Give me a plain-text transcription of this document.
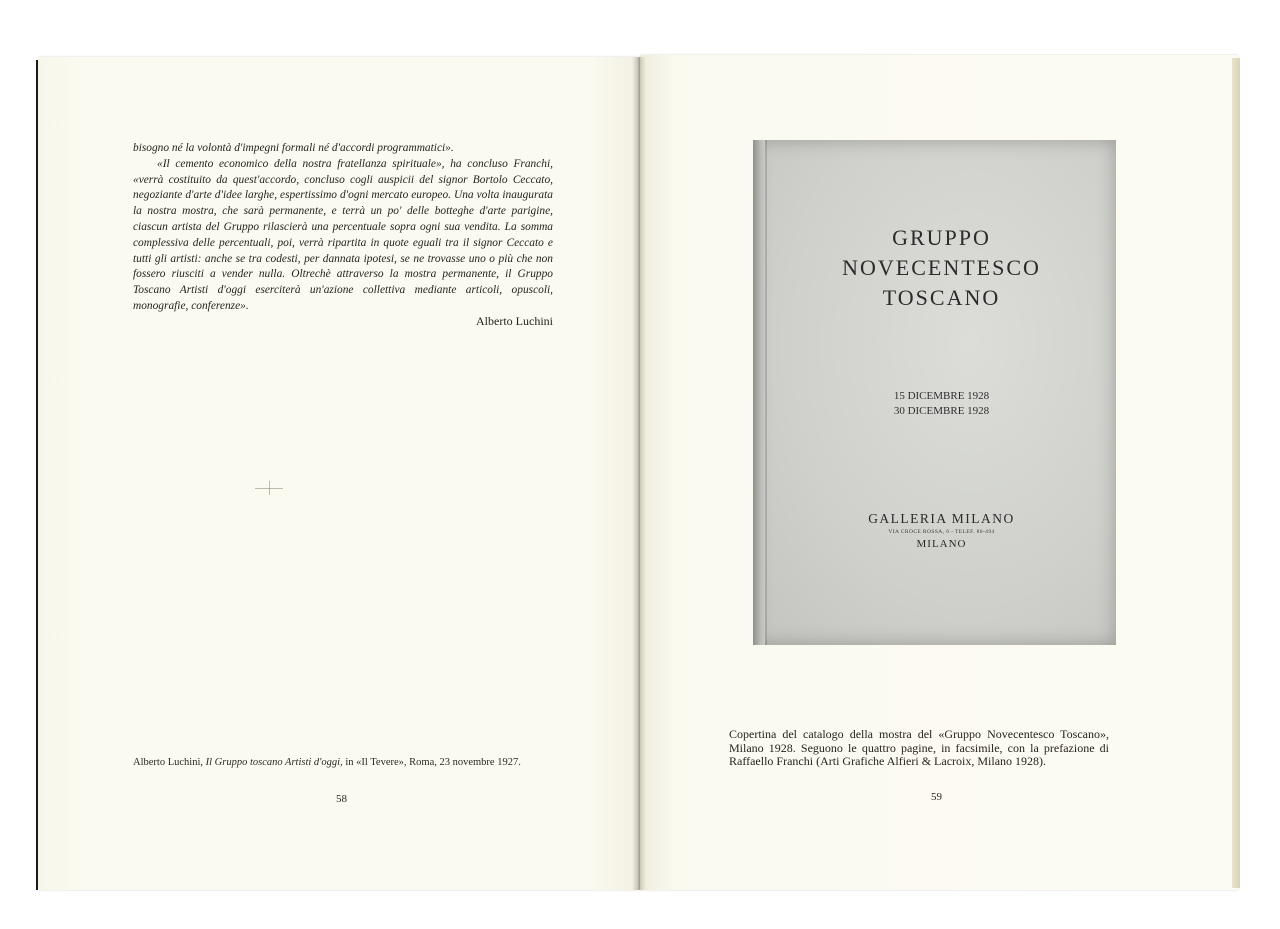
bisogno né la volontà d'impegni formali né d'accordi programmatici».

«Il cemento economico della nostra fratellanza spirituale», ha concluso Franchi, «verrà costituito da quest'accordo, concluso cogli auspicii del signor Bortolo Ceccato, negoziante d'arte d'idee larghe, espertissimo d'ogni mercato europeo. Una volta inaugurata la nostra mostra, che sarà permanente, e terrà un po' delle botteghe d'arte parigine, ciascun artista del Gruppo rilascierà una percentuale sopra ogni sua vendita. La somma complessiva delle percentuali, poi, verrà ripartita in quote eguali tra il signor Ceccato e tutti gli artisti: anche se tra codesti, per dannata ipotesi, se ne trovasse uno o più che non fossero riusciti a vender nulla. Oltrechè attraverso la mostra permanente, il Gruppo Toscano Artisti d'oggi eserciterà un'azione collettiva mediante articoli, opuscoli, monografie, conferenze».

Alberto Luchini
Alberto Luchini, Il Gruppo toscano Artisti d'oggi, in «Il Tevere», Roma, 23 novembre 1927.
58
GRUPPO
NOVECENTESCO
TOSCANO
15 DICEMBRE 1928
30 DICEMBRE 1928
GALLERIA MILANO
VIA CROCE ROSSA, 6 - TELEF. 86-494
MILANO
Copertina del catalogo della mostra del «Gruppo Novecentesco Toscano», Milano 1928. Seguono le quattro pagine, in facsimile, con la prefazione di Raffaello Franchi (Arti Grafiche Alfieri & Lacroix, Milano 1928).
59
